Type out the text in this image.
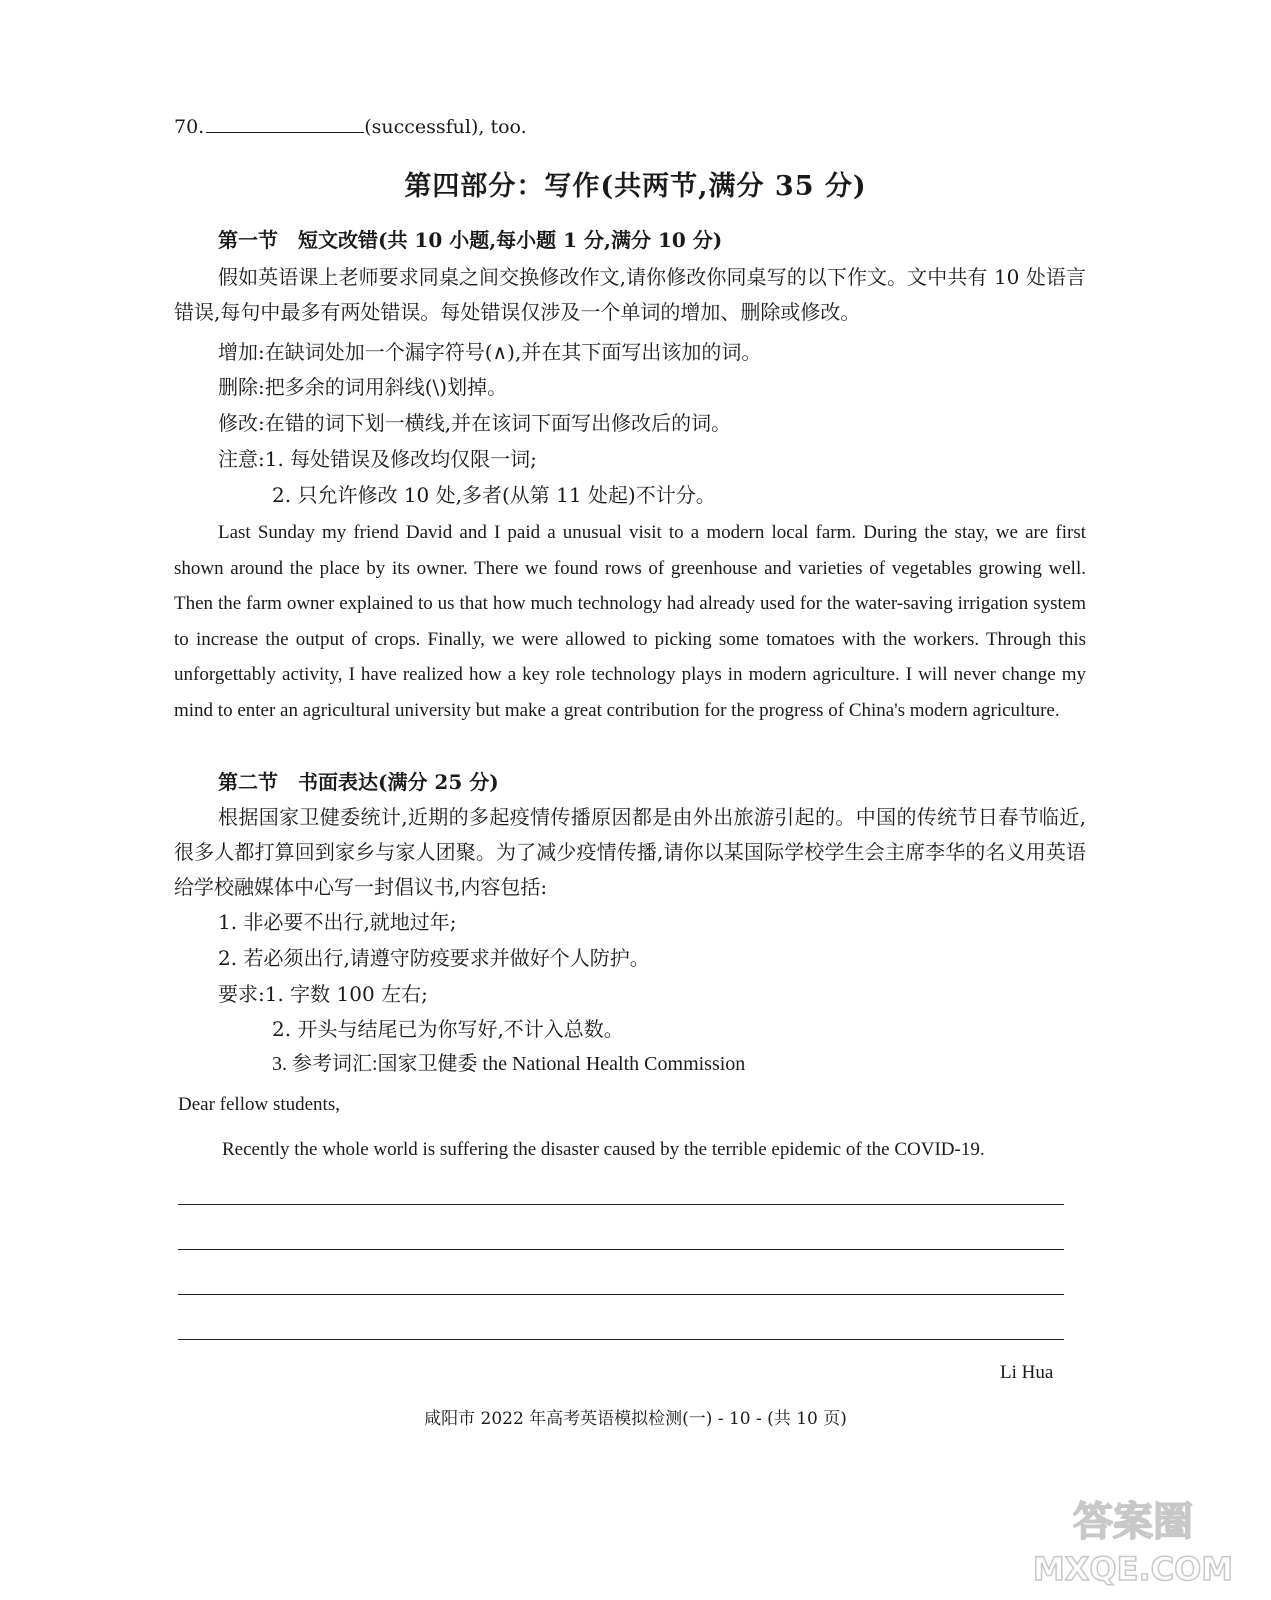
70.	(successful), too.
第四部分：写作(共两节,满分 35 分)
第一节　短文改错(共 10 小题,每小题 1 分,满分 10 分)
假如英语课上老师要求同桌之间交换修改作文,请你修改你同桌写的以下作文。文中共有 10 处语言错误,每句中最多有两处错误。每处错误仅涉及一个单词的增加、删除或修改。
增加:在缺词处加一个漏字符号(∧),并在其下面写出该加的词。
删除:把多余的词用斜线(\)划掉。
修改:在错的词下划一横线,并在该词下面写出修改后的词。
注意:1. 每处错误及修改均仅限一词;
2. 只允许修改 10 处,多者(从第 11 处起)不计分。
Last Sunday my friend David and I paid a unusual visit to a modern local farm. During the stay, we are first shown around the place by its owner. There we found rows of greenhouse and varieties of vegetables growing well. Then the farm owner explained to us that how much technology had already used for the water-saving irrigation system to increase the output of crops. Finally, we were allowed to picking some tomatoes with the workers. Through this unforgettably activity, I have realized how a key role technology plays in modern agriculture. I will never change my mind to enter an agricultural university but make a great contribution for the progress of China's modern agriculture.
第二节　书面表达(满分 25 分)
根据国家卫健委统计,近期的多起疫情传播原因都是由外出旅游引起的。中国的传统节日春节临近,很多人都打算回到家乡与家人团聚。为了减少疫情传播,请你以某国际学校学生会主席李华的名义用英语给学校融媒体中心写一封倡议书,内容包括:
1. 非必要不出行,就地过年;
2. 若必须出行,请遵守防疫要求并做好个人防护。
要求:1. 字数 100 左右;
2. 开头与结尾已为你写好,不计入总数。
3. 参考词汇:国家卫健委 the National Health Commission
Dear fellow students,
Recently the whole world is suffering the disaster caused by the terrible epidemic of the COVID-19.
Li Hua
咸阳市 2022 年高考英语模拟检测(一) - 10 - (共 10 页)
答案圈
MXQE.COM
